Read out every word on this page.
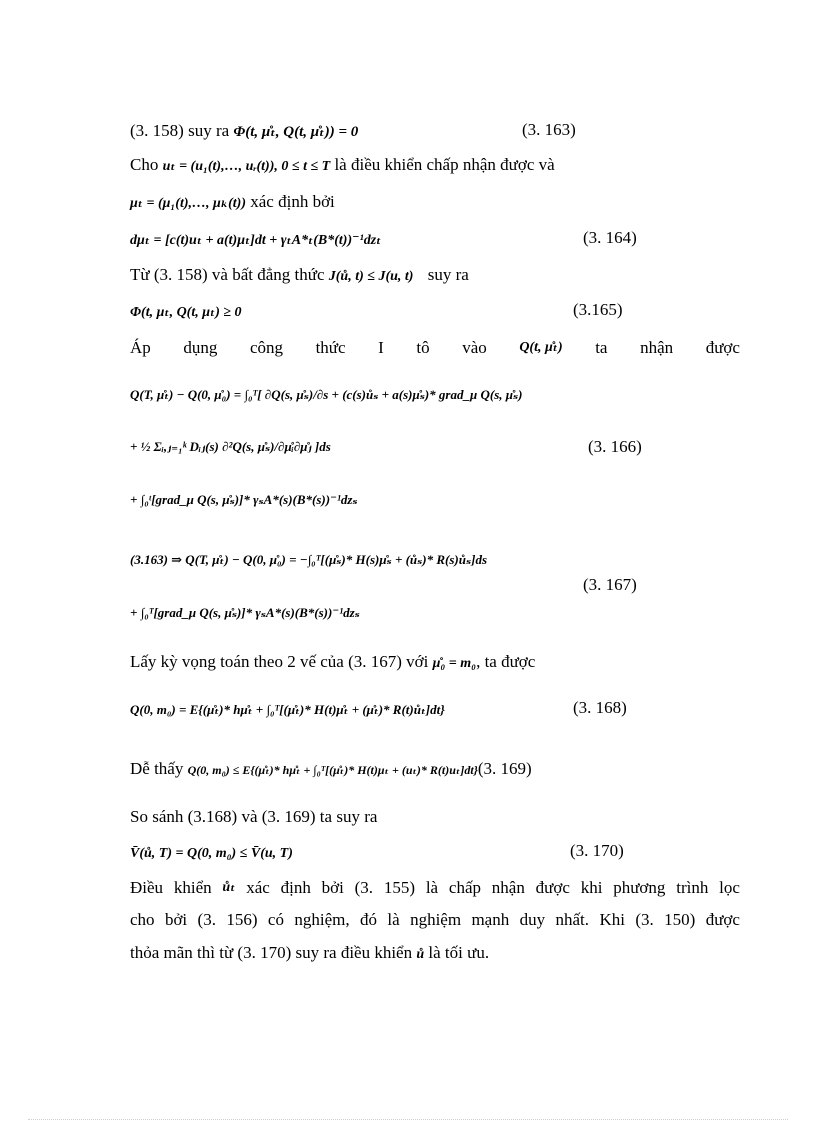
(3. 158) suy ra Φ(t, μ̊ₜ, Q(t, μ̊ₜ)) = 0	(3. 163)
Cho uₜ = (u₁(t),…, uᵣ(t)), 0 ≤ t ≤ T là điều khiển chấp nhận được và
μₜ = (μ₁(t),…, μₖ(t)) xác định bởi
dμₜ = [c(t)uₜ + a(t)μₜ]dt + γₜA*ₜ(B*(t))⁻¹dzₜ	(3. 164)
Từ (3. 158) và bất đẳng thức J(ů, t) ≤ J(u, t) suy ra
Φ(t, μₜ, Q(t, μₜ) ≥ 0	(3.165)
Áp dụng công thức I tô vào Q(t, μ̊ₜ) ta nhận được
Q(T, μ̊ₜ) − Q(0, μ̊₀) = ∫₀ᵀ[ ∂Q(s, μ̊ₛ)/∂s + (c(s)ůₛ + a(s)μ̊ₛ)* grad_μ Q(s, μ̊ₛ)
+ ½ Σᵢ,ⱼ₌₁ᵏ Dᵢⱼ(s) ∂²Q(s, μ̊ₛ)/∂μ̊ᵢ∂μ̊ⱼ ]ds	(3. 166)
+ ∫₀ᵗ[grad_μ Q(s, μ̊ₛ)]* γₛA*(s)(B*(s))⁻¹dzₛ
(3.163) ⇒ Q(T, μ̊ₜ) − Q(0, μ̊₀) = −∫₀ᵀ[(μ̊ₛ)* H(s)μ̊ₛ + (ůₛ)* R(s)ůₛ]ds
(3. 167)
+ ∫₀ᵀ[grad_μ Q(s, μ̊ₛ)]* γₛA*(s)(B*(s))⁻¹dzₛ
Lấy kỳ vọng toán theo 2 vế của (3. 167) với μ̊₀ = m₀, ta được
Q(0, m₀) = E{(μ̊ₜ)* hμ̊ₜ + ∫₀ᵀ[(μ̊ₜ)* H(t)μ̊ₜ + (μ̊ₜ)* R(t)ůₜ]dt}	(3. 168)
Dễ thấy Q(0, m₀) ≤ E{(μ̊ₜ)* hμ̊ₜ + ∫₀ᵀ[(μ̊ₜ)* H(t)μₜ + (uₜ)* R(t)uₜ]dt}(3. 169)
So sánh (3.168) và (3. 169) ta suy ra
V̄(ů, T) = Q(0, m₀) ≤ V̄(u, T)	(3. 170)
Điều khiển ůₜ xác định bởi (3. 155) là chấp nhận được khi phương trình lọc
cho bởi (3. 156) có nghiệm, đó là nghiệm mạnh duy nhất. Khi (3. 150) được
thỏa mãn thì từ (3. 170) suy ra điều khiển ů là tối ưu.
